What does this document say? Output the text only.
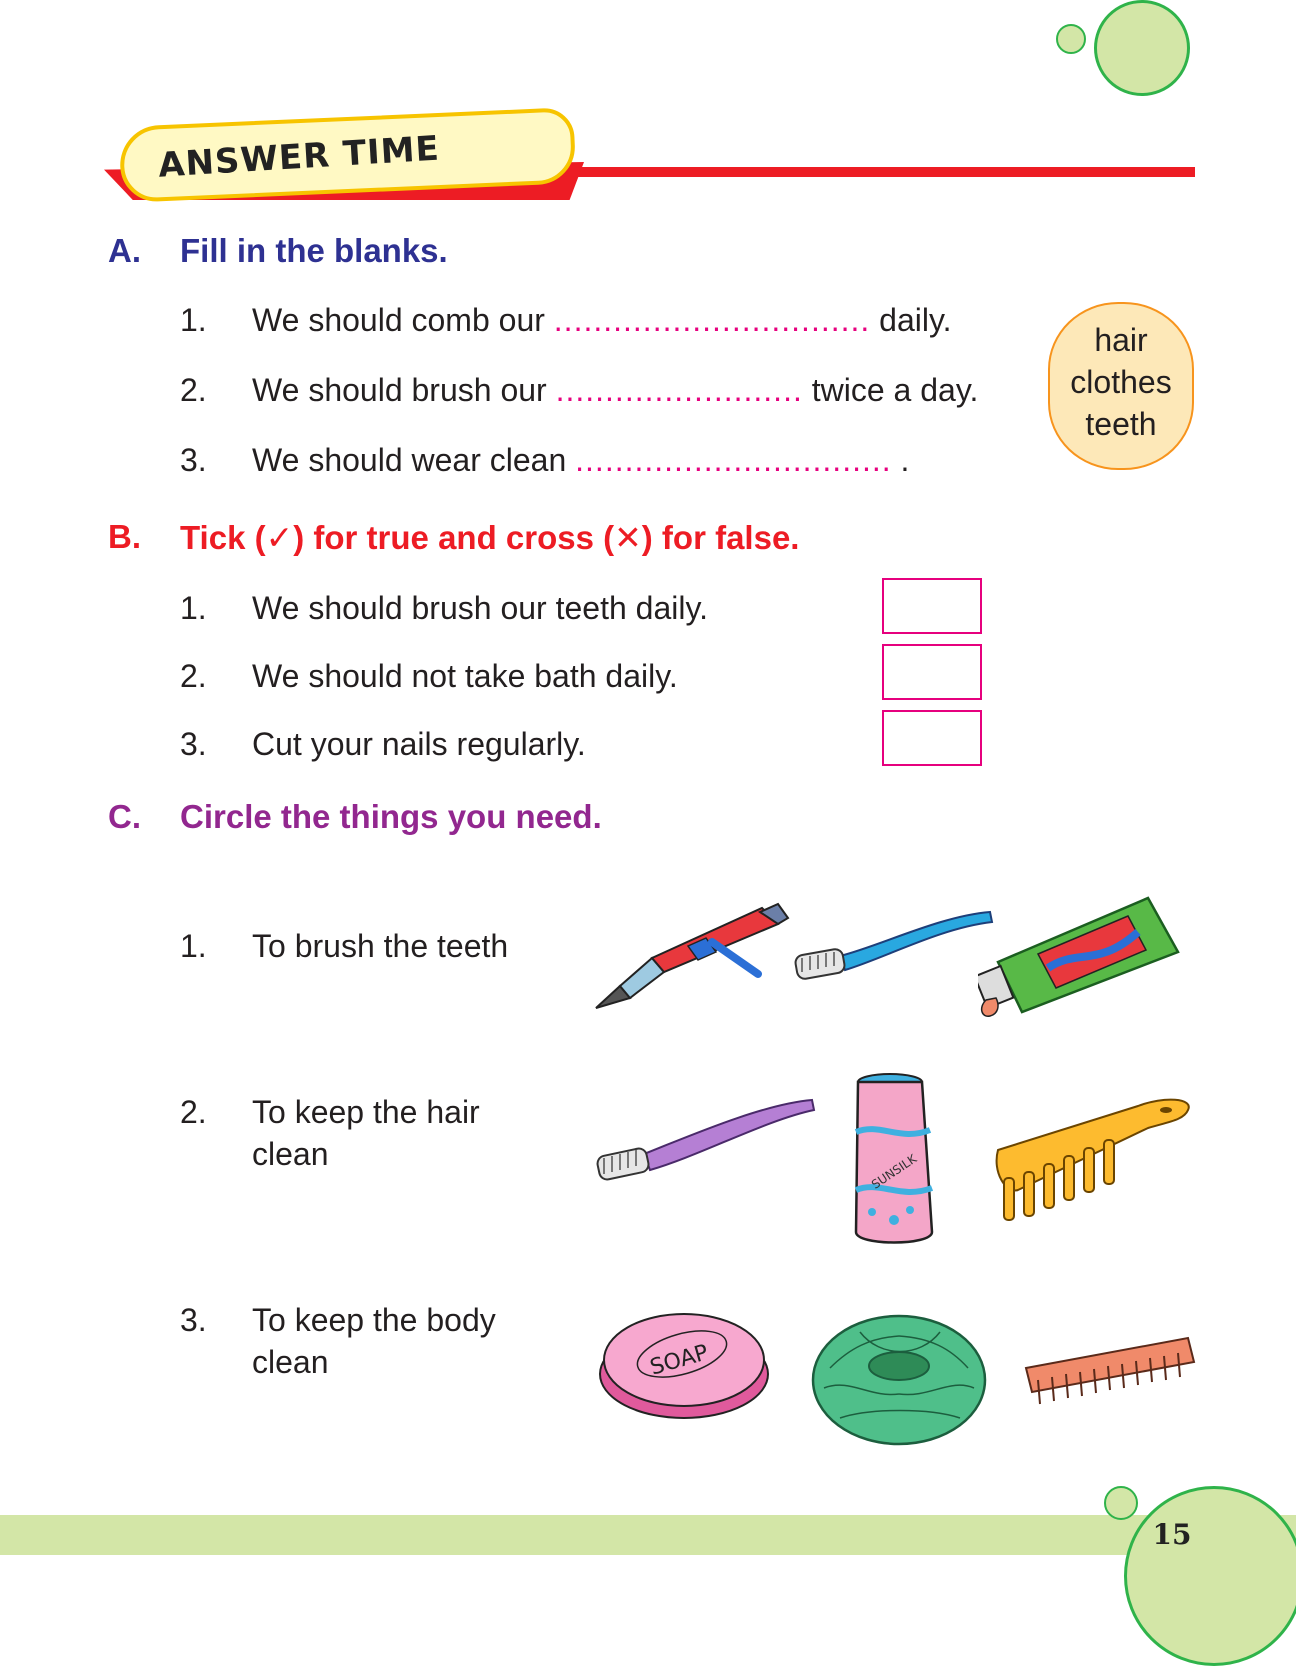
ANSWER TIME
A. Fill in the blanks.
1. We should comb our ................................ daily.
2. We should brush our ......................... twice a day.
3. We should wear clean ................................ .
hair
clothes
teeth
B. Tick (✓) for true and cross (✕) for false.
1. We should brush our teeth daily.
2. We should not take bath daily.
3. Cut your nails regularly.
C. Circle the things you need.
1. To brush the teeth
2. To keep the hair
clean
3. To keep the body
clean
SUNSILK
SOAP
15
